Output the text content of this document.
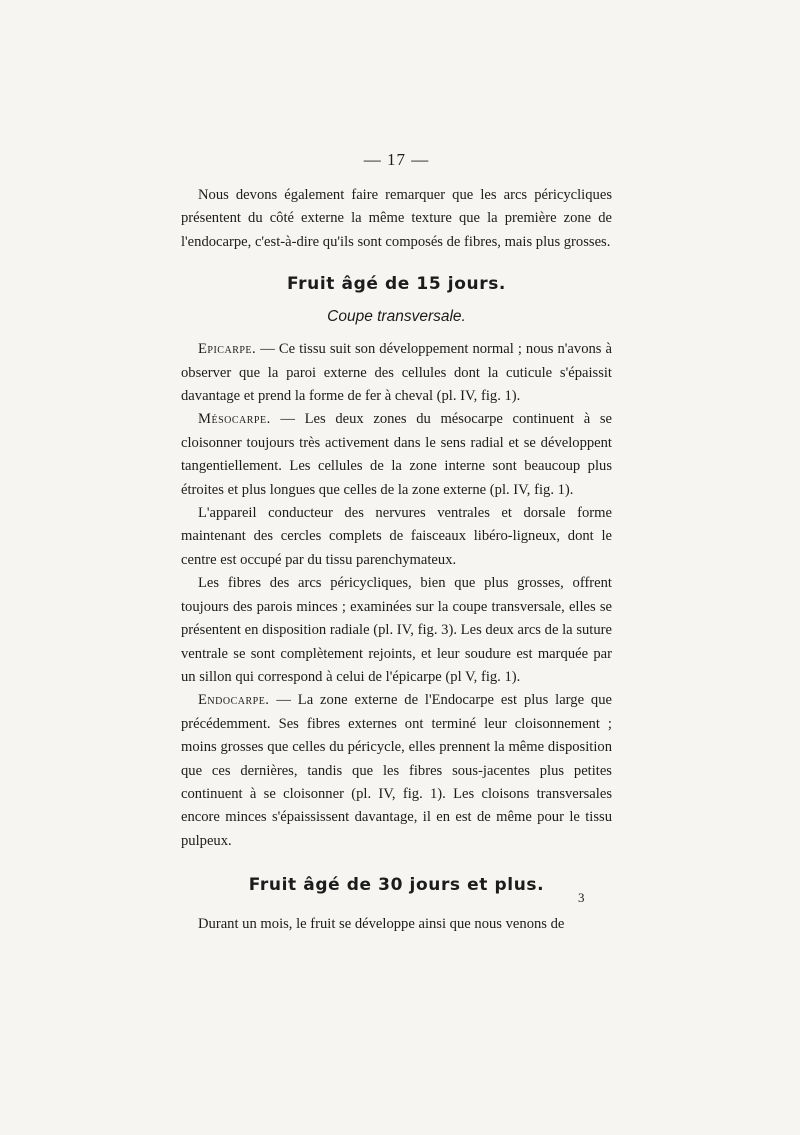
— 17 —

Nous devons également faire remarquer que les arcs péricycliques présentent du côté externe la même texture que la première zone de l'endocarpe, c'est-à-dire qu'ils sont composés de fibres, mais plus grosses.

Fruit âgé de 15 jours.
Coupe transversale.

Epicarpe. — Ce tissu suit son développement normal ; nous n'avons à observer que la paroi externe des cellules dont la cuticule s'épaissit davantage et prend la forme de fer à cheval (pl. IV, fig. 1).

Mésocarpe. — Les deux zones du mésocarpe continuent à se cloisonner toujours très activement dans le sens radial et se développent tangentiellement. Les cellules de la zone interne sont beaucoup plus étroites et plus longues que celles de la zone externe (pl. IV, fig. 1).

L'appareil conducteur des nervures ventrales et dorsale forme maintenant des cercles complets de faisceaux libéro-ligneux, dont le centre est occupé par du tissu parenchymateux.

Les fibres des arcs péricycliques, bien que plus grosses, offrent toujours des parois minces ; examinées sur la coupe transversale, elles se présentent en disposition radiale (pl. IV, fig. 3). Les deux arcs de la suture ventrale se sont complètement rejoints, et leur soudure est marquée par un sillon qui correspond à celui de l'épicarpe (pl V, fig. 1).

Endocarpe. — La zone externe de l'Endocarpe est plus large que précédemment. Ses fibres externes ont terminé leur cloisonnement ; moins grosses que celles du péricycle, elles prennent la même disposition que ces dernières, tandis que les fibres sous-jacentes plus petites continuent à se cloisonner (pl. IV, fig. 1). Les cloisons transversales encore minces s'épaississent davantage, il en est de même pour le tissu pulpeux.

Fruit âgé de 30 jours et plus.

Durant un mois, le fruit se développe ainsi que nous venons de

3
